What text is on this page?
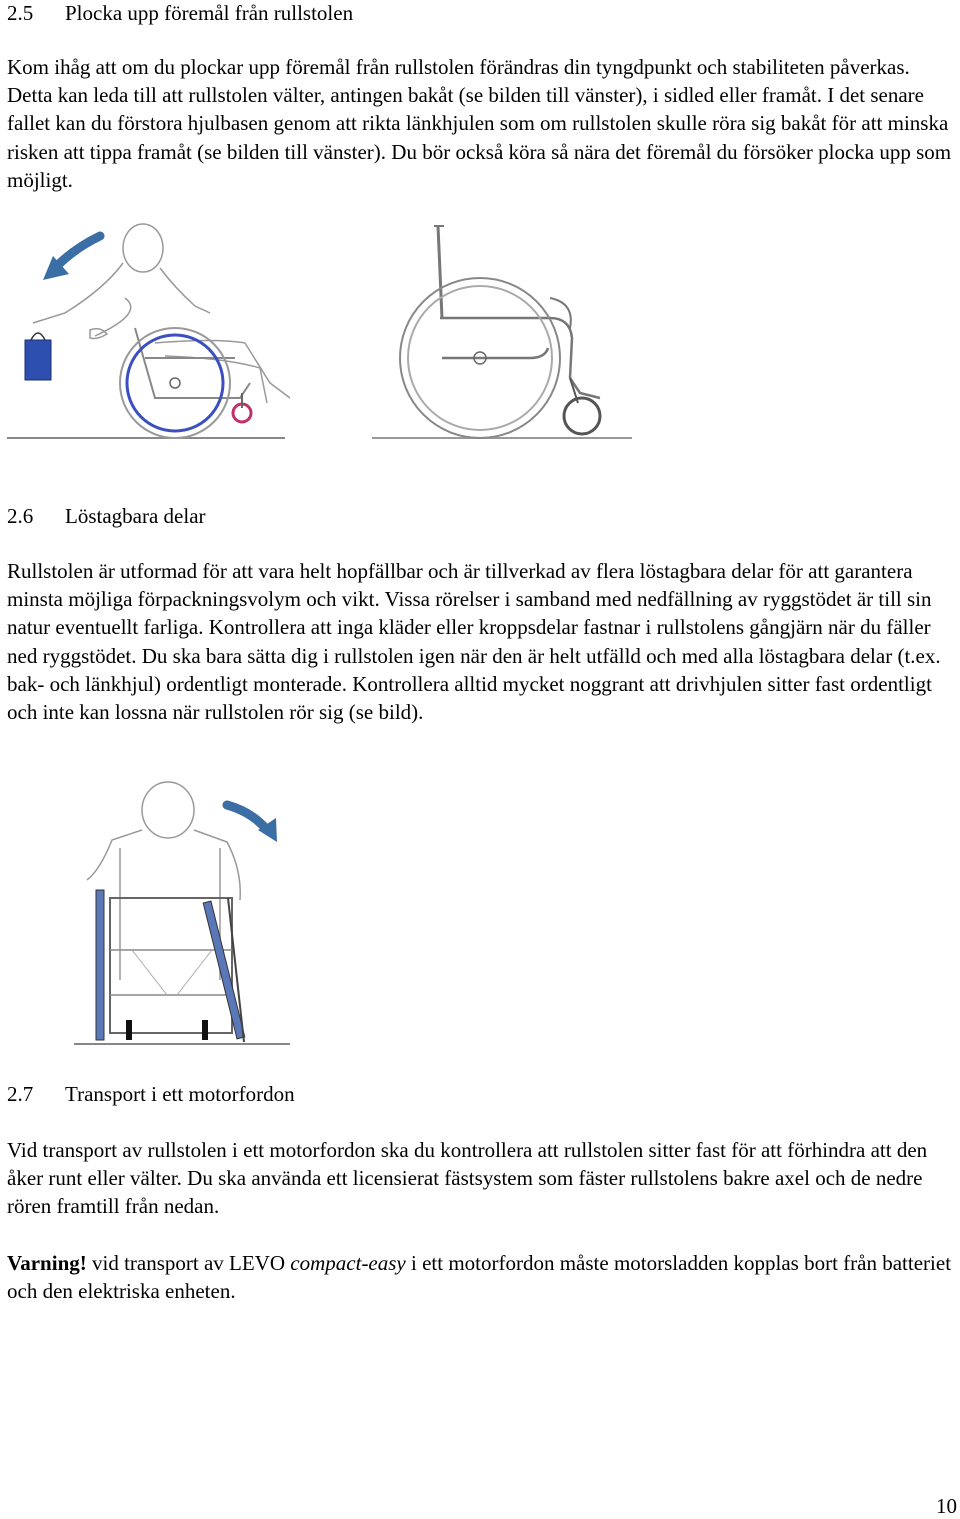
2.5 Plocka upp föremål från rullstolen
Kom ihåg att om du plockar upp föremål från rullstolen förändras din tyngdpunkt och stabiliteten påverkas. Detta kan leda till att rullstolen välter, antingen bakåt (se bilden till vänster), i sidled eller framåt. I det senare fallet kan du förstora hjulbasen genom att rikta länkhjulen som om rullstolen skulle röra sig bakåt för att minska risken att tippa framåt (se bilden till vänster). Du bör också köra så nära det föremål du försöker plocka upp som möjligt.
2.6 Löstagbara delar
Rullstolen är utformad för att vara helt hopfällbar och är tillverkad av flera löstagbara delar för att garantera minsta möjliga förpackningsvolym och vikt. Vissa rörelser i samband med nedfällning av ryggstödet är till sin natur eventuellt farliga. Kontrollera att inga kläder eller kroppsdelar fastnar i rullstolens gångjärn när du fäller ned ryggstödet. Du ska bara sätta dig i rullstolen igen när den är helt utfälld och med alla löstagbara delar (t.ex. bak- och länkhjul) ordentligt monterade. Kontrollera alltid mycket noggrant att drivhjulen sitter fast ordentligt och inte kan lossna när rullstolen rör sig (se bild).
2.7 Transport i ett motorfordon
Vid transport av rullstolen i ett motorfordon ska du kontrollera att rullstolen sitter fast för att förhindra att den åker runt eller välter. Du ska använda ett licensierat fästsystem som fäster rullstolens bakre axel och de nedre rören framtill från nedan.
Varning! vid transport av LEVO compact-easy i ett motorfordon måste motorsladden kopplas bort från batteriet och den elektriska enheten.
10
